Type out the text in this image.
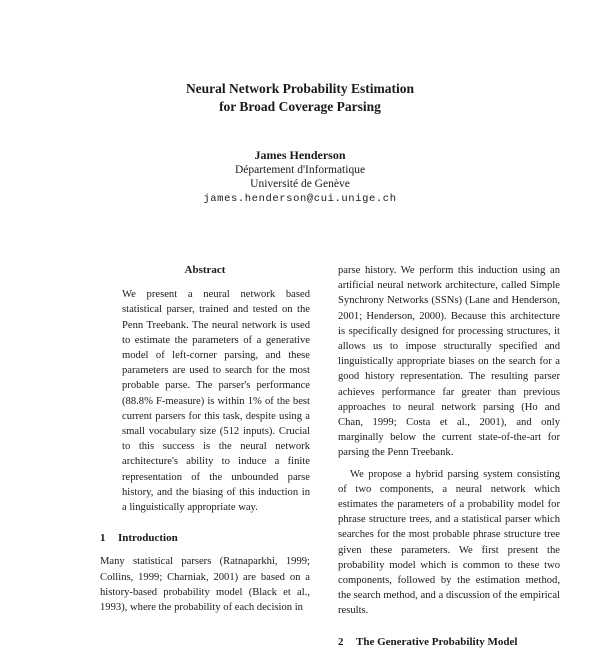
Neural Network Probability Estimation
for Broad Coverage Parsing
James Henderson
Département d'Informatique
Université de Genève
james.henderson@cui.unige.ch
Abstract

We present a neural network based statistical parser, trained and tested on the Penn Treebank. The neural network is used to estimate the parameters of a generative model of left-corner parsing, and these parameters are used to search for the most probable parse. The parser's performance (88.8% F-measure) is within 1% of the best current parsers for this task, despite using a small vocabulary size (512 inputs). Crucial to this success is the neural network architecture's ability to induce a finite representation of the unbounded parse history, and the biasing of this induction in a linguistically appropriate way.

1 Introduction

Many statistical parsers (Ratnaparkhi, 1999; Collins, 1999; Charniak, 2001) are based on a history-based probability model (Black et al., 1993), where the probability of each decision in

parse history. We perform this induction using an artificial neural network architecture, called Simple Synchrony Networks (SSNs) (Lane and Henderson, 2001; Henderson, 2000). Because this architecture is specifically designed for processing structures, it allows us to impose structurally specified and linguistically appropriate biases on the search for a good history representation. The resulting parser achieves performance far greater than previous approaches to neural network parsing (Ho and Chan, 1999; Costa et al., 2001), and only marginally below the current state-of-the-art for parsing the Penn Treebank.

We propose a hybrid parsing system consisting of two components, a neural network which estimates the parameters of a probability model for phrase structure trees, and a statistical parser which searches for the most probable phrase structure tree given these parameters. We first present the probability model which is common to these two components, followed by the estimation method, the search method, and a discussion of the empirical results.

2 The Generative Probability Model
